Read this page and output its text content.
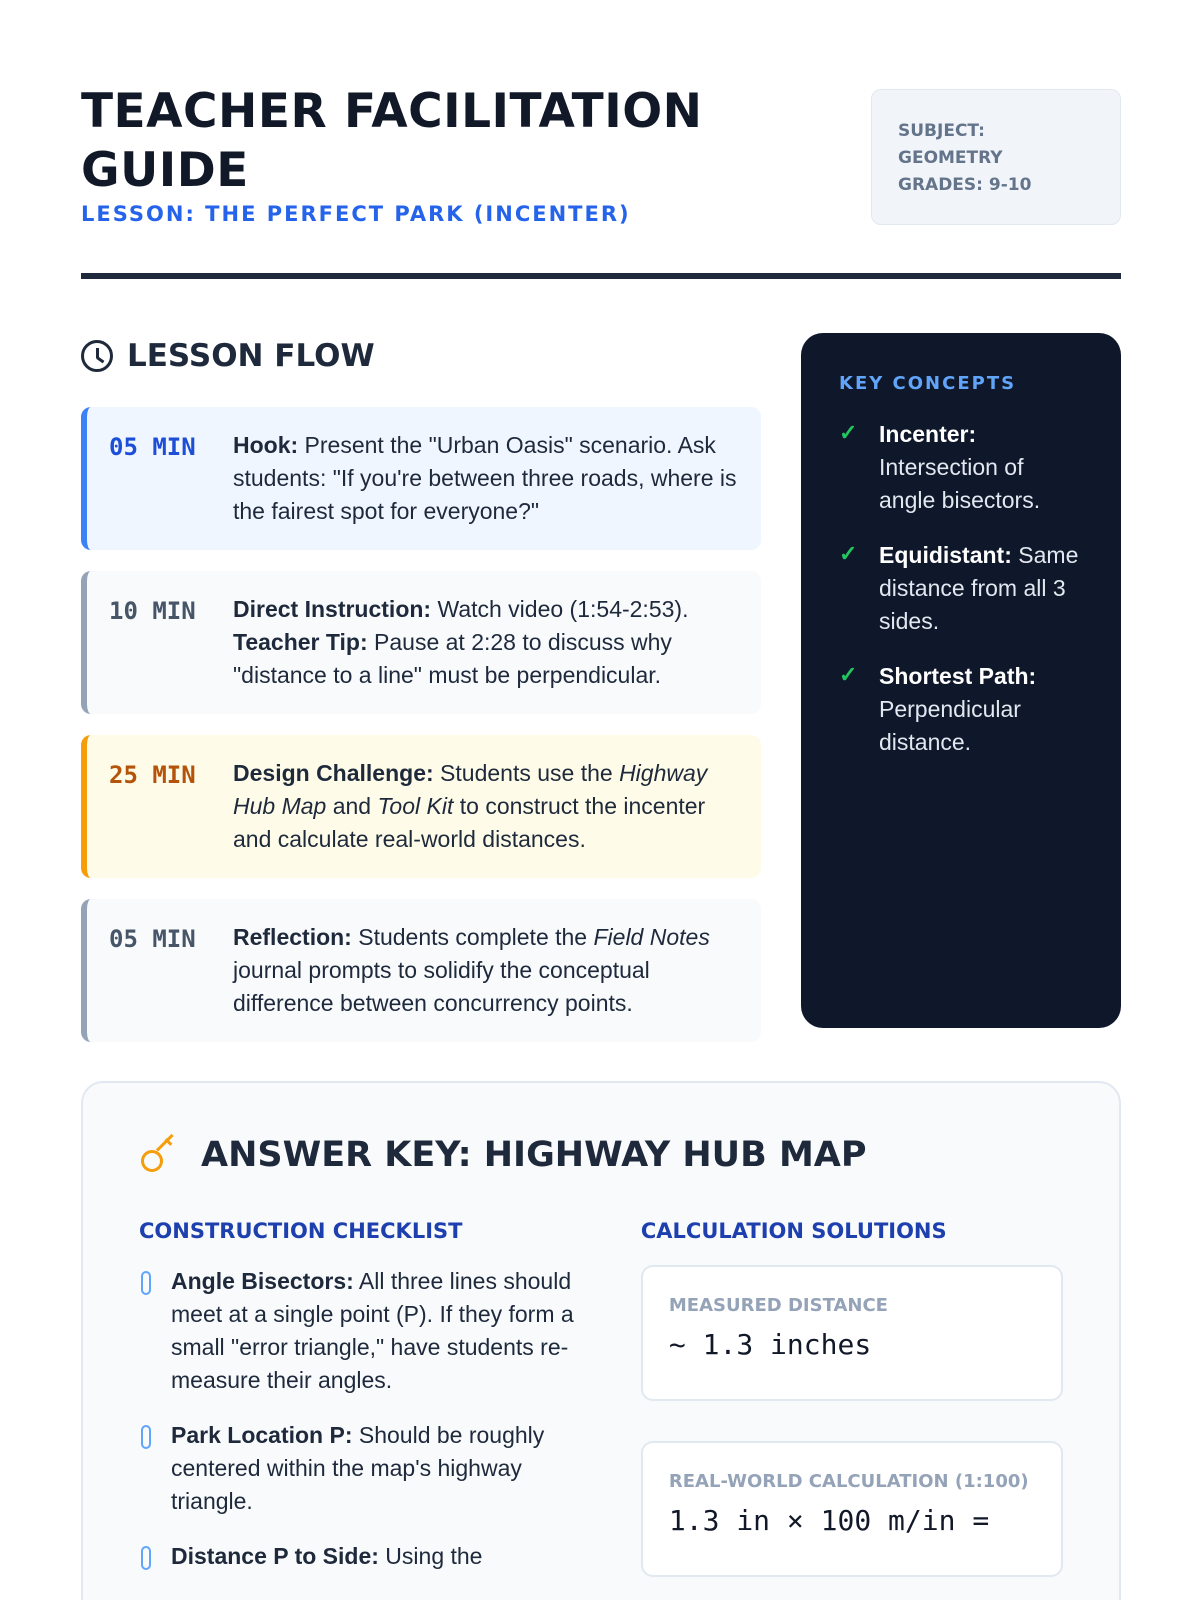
TEACHER FACILITATION GUIDE
LESSON: THE PERFECT PARK (INCENTER)
SUBJECT:
GEOMETRY
GRADES: 9-10
LESSON FLOW
05 MIN	Hook: Present the "Urban Oasis" scenario. Ask students: "If you're between three roads, where is the fairest spot for everyone?"
10 MIN	Direct Instruction: Watch video (1:54-2:53).
Teacher Tip: Pause at 2:28 to discuss why "distance to a line" must be perpendicular.
25 MIN	Design Challenge: Students use the Highway Hub Map and Tool Kit to construct the incenter and calculate real-world distances.
05 MIN	Reflection: Students complete the Field Notes journal prompts to solidify the conceptual difference between concurrency points.
KEY CONCEPTS
✓ Incenter: Intersection of angle bisectors.
✓ Equidistant: Same distance from all 3 sides.
✓ Shortest Path: Perpendicular distance.
ANSWER KEY: HIGHWAY HUB MAP
CONSTRUCTION CHECKLIST
Angle Bisectors: All three lines should meet at a single point (P). If they form a small "error triangle," have students re-measure their angles.
Park Location P: Should be roughly centered within the map's highway triangle.
Distance P to Side: Using the
CALCULATION SOLUTIONS
MEASURED DISTANCE
~ 1.3 inches
REAL-WORLD CALCULATION (1:100)
1.3 in × 100 m/in =
